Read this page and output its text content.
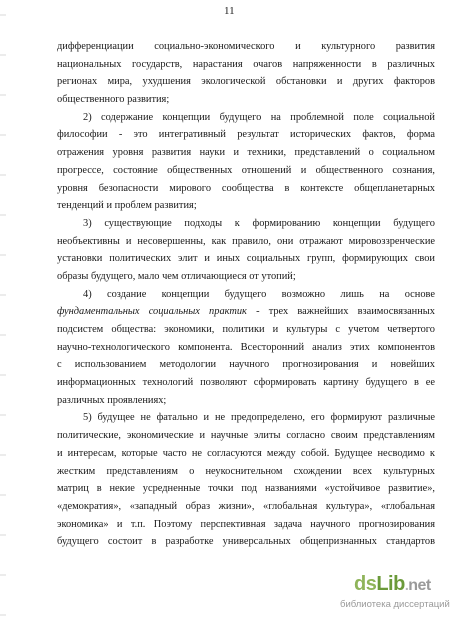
11
дифференциации социально-экономического и культурного развития
национальных государств, нарастания очагов напряженности в различных
регионах мира, ухудшения экологической обстановки и других факторов
общественного развития;
2) содержание концепции будущего на проблемной поле социальной
философии - это интегративный результат исторических фактов, форма
отражения уровня развития науки и техники, представлений о социальном
прогрессе, состояние общественных отношений и общественного сознания,
уровня безопасности мирового сообщества в контексте общепланетарных
тенденций и проблем развития;
3) существующие подходы к формированию концепции будущего
необъективны и несовершенны, как правило, они отражают мировоззренческие
установки политических элит и иных социальных групп, формирующих свои
образы будущего, мало чем отличающиеся от утопий;
4) создание концепции будущего возможно лишь на основе
фундаментальных социальных практик - трех важнейших взаимосвязанных
подсистем общества: экономики, политики и культуры с учетом четвертого
научно-технологического компонента. Всесторонний анализ этих компонентов
с использованием методологии научного прогнозирования и новейших
информационных технологий позволяют сформировать картину будущего в ее
различных проявлениях;
5) будущее не фатально и не предопределено, его формируют различные
политические, экономические и научные элиты согласно своим представлениям
и интересам, которые часто не согласуются между собой. Будущее несводимо к
жестким представлениям о неукоснительном схождении всех культурных
матриц в некие усредненные точки под названиями «устойчивое развитие»,
«демократия», «западный образ жизни», «глобальная культура», «глобальная
экономика» и т.п. Поэтому перспективная задача научного прогнозирования
будущего состоит в разработке универсальных общепризнанных стандартов
dsLib.net
библиотека диссертаций
